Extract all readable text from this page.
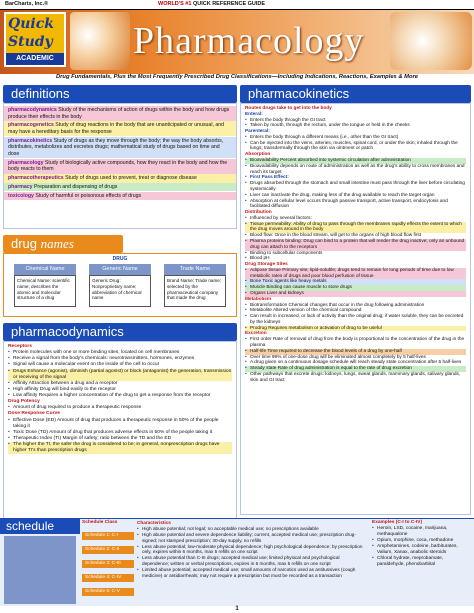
BarCharts, Inc.®	WORLD'S #1 QUICK REFERENCE GUIDE
Quick
Study
ACADEMIC Pharmacology
Drug Fundamentals, Plus the Most Frequently Prescribed Drug Classifications—Including Indications, Reactions, Examples & More
definitions

pharmacodynamics Study of the mechanisms of action of drugs within the body and how drugs produce their effects in the body

pharmacogenetics Study of drug reactions in the body that are unanticipated or unusual, and may have a hereditary basis for the response

pharmacokinetics Study of drugs as they move through the body; the way the body absorbs, distributes, metabolizes and excretes drugs; mathematical study of drugs based on time and dose

pharmacology Study of biologically active compounds, how they react in the body and how the body reacts to them

pharmacotherapeutics Study of drugs used to prevent, treat or diagnose disease

pharmacy Preparation and dispensing of drugs

toxicology Study of harmful or poisonous effects of drugs

drug names
DRUG
Chemical Name
Chemical Name: scientific name; describes the atomic and molecular structure of a drug
Generic Name
Generic Drug: Nonproprietary name; abbreviation of chemical name
Trade Name
Brand Name: Trade name; selected by the pharmaceutical company that made the drug
pharmacodynamics
Receptors
• Protein molecules with one or more binding sites, located on cell membranes
• Receive a signal from the body's chemicals: neurotransmitters, hormones, enzymes
• Signal will cause a molecular event on the inside of the cell to occur
• Drugs Enhance (agonist), diminish (partial agonist) or block (antagonist) the generation, transmission or receiving of the signal
• Affinity Attraction between a drug and a receptor
• High affinity Drug will bind easily to the receptor
• Low affinity Requires a higher concentration of the drug to get a response from the receptor
Drug Potency
• Amount of drug required to produce a therapeutic response
Dose Response Curve
• Effective Dose (ED) Amount of drug that produces a therapeutic response in 50% of the people taking it
• Toxic Dose (TD) Amount of drug that produces adverse effects in 50% of the people taking it
• Therapeutic Index (TI) Margin of safety; ratio between the TD and the ED
• The higher the TI, the safer the drug is considered to be; in general, nonprescription drugs have higher TI's than prescription drugs
pharmacokinetics
Routes drugs take to get into the body
Enteral:
• Enters the body through the GI tract
• Taken by mouth, through the rectum, under the tongue or held in the cheeks
Parenteral:
• Enters the body through a different means (i.e., other than the GI tract)
• Can be injected into the veins, arteries, muscles, spinal cord, or under the skin; inhaled through the lungs; transdermally through the skin via ointment or patch
Absorption
• Bioavailability Percent absorbed into systemic circulation after administration
• Bioavailability depends on route of administration as well as the drug's ability to cross membranes and reach its target
• First Pass Effect:
• Drugs absorbed through the stomach and small intestine must pass through the liver before circulating systemically
• Liver can inactivate the drug, making less of the drug available to reach the target organ
• Absorption at cellular level occurs through passive transport, active transport, endocytosis and facilitated diffusion
Distribution
• Influenced by several factors:
• Tissue permeability: Ability of drug to pass through the membranes rapidly effects the extent to which the drug moves around in the body
• Blood flow: Once in the blood stream, will get to the organs of high blood flow first
• Plasma proteins binding: Drug can bind to a protein that will render the drug inactive; only an unbound drug can attach to the receptors
• Binding to subcellular components
• Blood pH
Drug Storage Sites
• Adipose tissue Primary site; lipid-soluble; drugs tend to remain for long periods of time due to low metabolic rates of drugs and poor blood perfusion of tissue
• Bone Toxic agents like heavy metals
• Muscle Binding can cause muscle to store drugs
• Organs Liver and kidneys
Metabolism
• Biotransformation Chemical changes that occur in the drug following administration
• Metabolite Altered version of the chemical compound
• Can result in increased, or lack of activity than the original drug; if water soluble, they can be excreted by the kidneys
• Prodrug Requires metabolism or activation of drug to be useful
Excretion
• First order Rate of removal of drug from the body is proportional to the concentration of the drug in the plasma
• Half-life Time required to decrease the blood levels of a drug by one-half
• Over time 99% of one-dose drug will be eliminated almost completely by 5 half-lives
• A drug given on a continuous dosage schedule will reach steady state concentration after 5 half-lives
• Steady state Rate of drug administration is equal to the rate of drug excretion
• Other pathways that excrete drugs: kidneys, lungs, sweat glands, mammary glands, salivary glands, skin and GI tract
schedule	Schedule Class
Schedule 1: C-I
Schedule 2: C-II
Schedule 3: C-III
Schedule 4: C-IV
Schedule 5: C-V
Characteristics
• High abuse potential; not legal; no acceptable medical use; no prescriptions available
• High abuse potential and severe dependence liability; current, accepted medical use; prescription drug-signed; not stamped prescription; 30-day supply, no refills
• Less abuse potential; low-moderate physical dependence; high psychological dependence; by prescription only, expires within 6 months, max 5 refills on one script
• Less abuse potential than C-III drugs; accepted medical use; limited physical and psychological dependence; written or verbal prescriptions, expires in 6 months, max 5 refills on one script
• Limited abuse potential; accepted medical use; small amounts of narcotics used as antitussives (cough medicine) or antidiarrheals; may not require a prescription but must be recorded as a transaction
Examples (C-I to C-IV)
• Heroin, LSD, cocaine, marijuana, methaqualone
• Opium, morphine, coca, methadone
• Amphetamines, codeine, barbiturates, Valium, Xanax, anabolic steroids
• Chloral hydrate, meprobamate, paraldehyde, phenobarbital
1
